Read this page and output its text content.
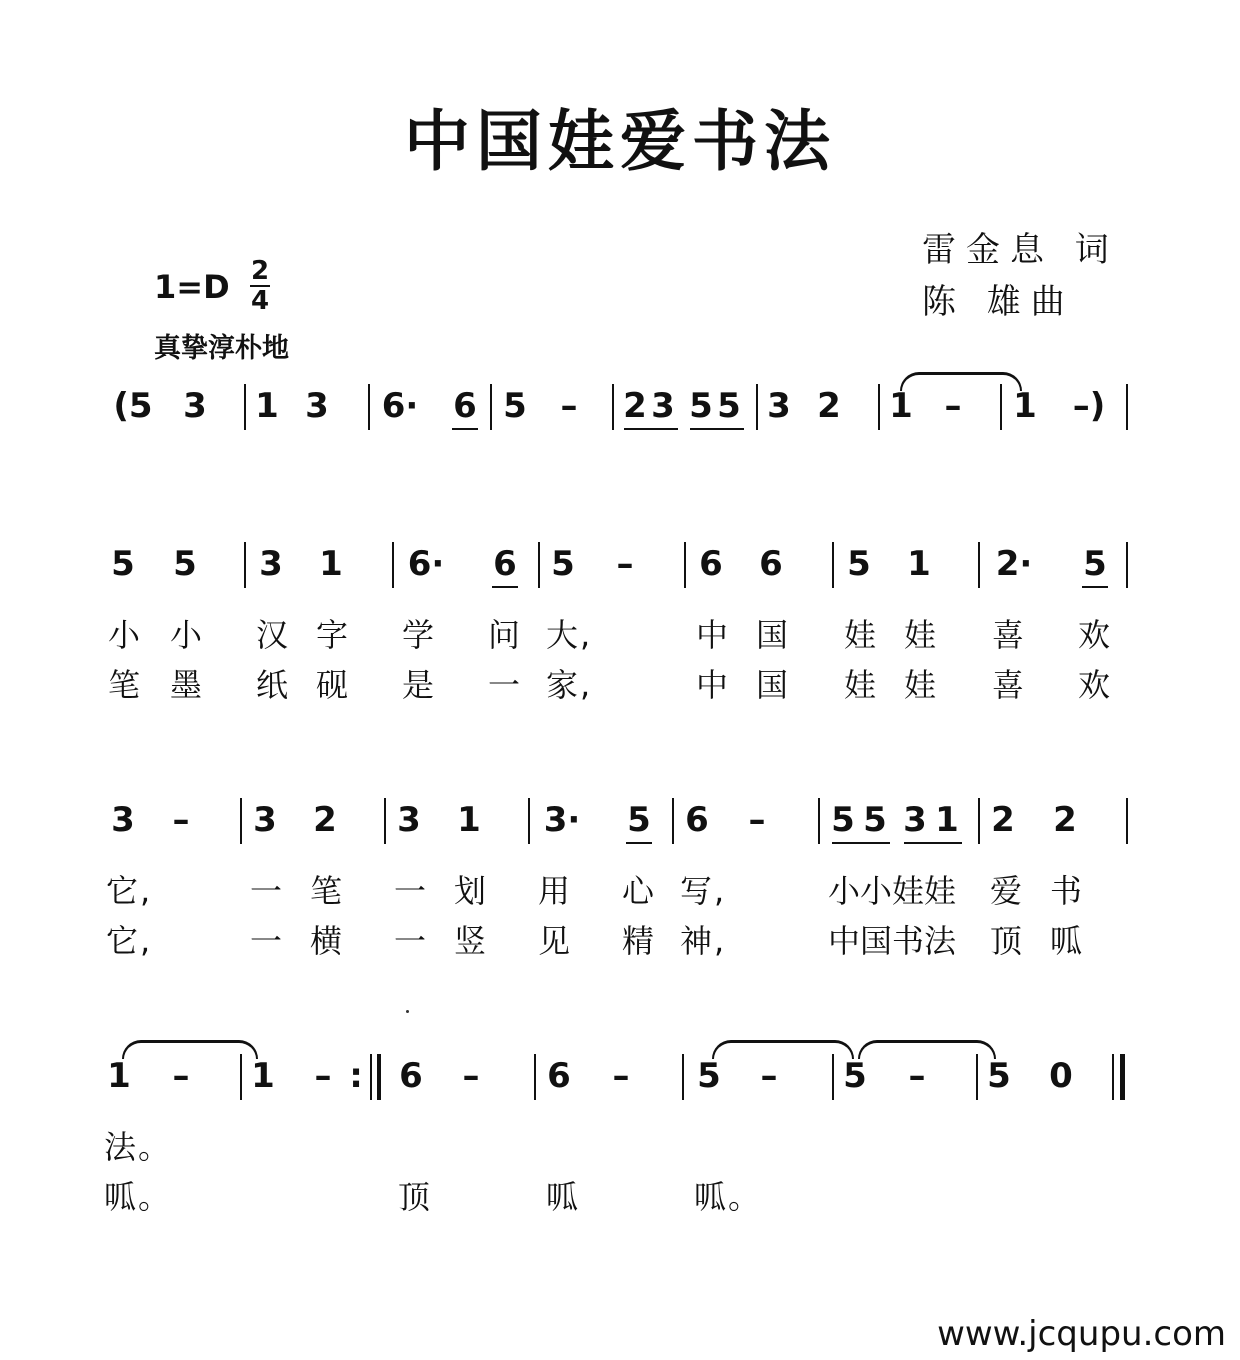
中国娃爱书法
雷金息 词
陈 雄曲
1=D 2
4
真挚淳朴地
(5 3 1 3 6· 6 5 – 2 3 5 5 3 2 1 – 1 –)
5 5 3 1 6· 6 5 – 6 6 5 1 2· 5
小 小 汉 字 学 问 大,	中 国 娃 娃 喜 欢
笔 墨 纸 砚 是 一 家,	中 国 娃 娃 喜 欢
3 – 3 2 3 1 3· 5 6 – 5 5 3 1 2 2
它,	一 笔 一 划 用 心 写,	小小娃娃 爱 书
它,	一 横 一 竖 见 精 神,	中国书法 顶 呱
1 – 1 – : 6 – 6 – 5 – 5 – 5 0
法。
呱。	顶	呱	呱。
www.jcqupu.com
